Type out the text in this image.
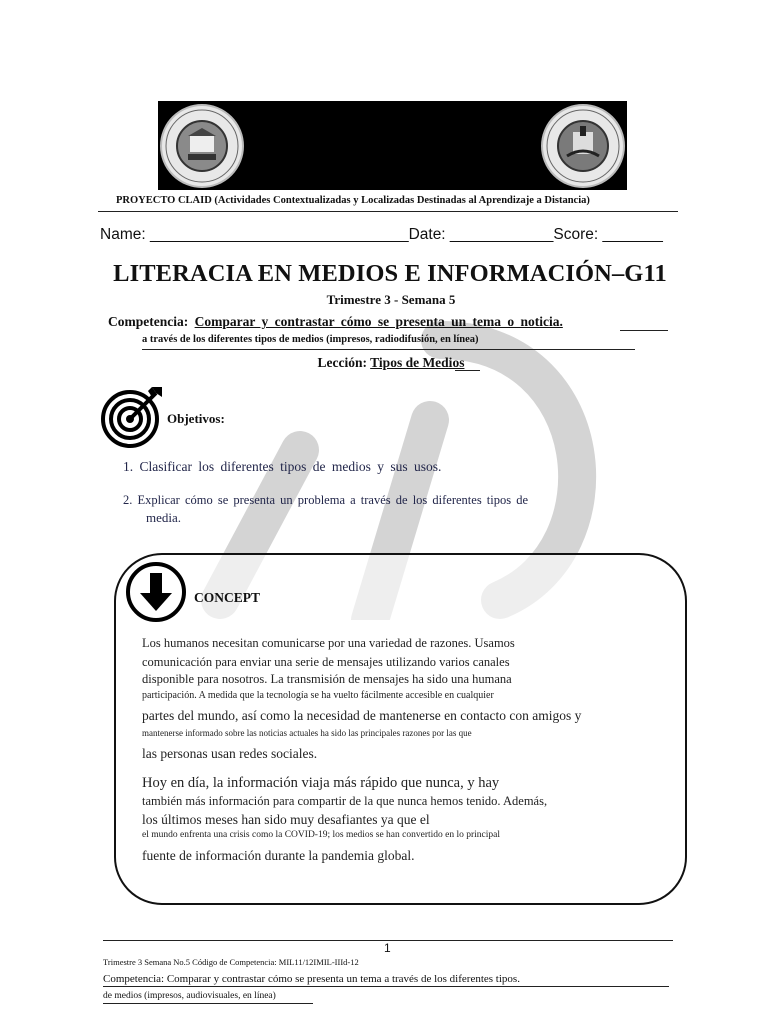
PROYECTO CLAID (Actividades Contextualizadas y Localizadas Destinadas al Aprendizaje a Distancia)
Name: ______________________________Date: ____________Score: _______
LITERACIA EN MEDIOS E INFORMACIÓN–G11
Trimestre 3 - Semana 5
Competencia: Comparar y contrastar cómo se presenta un tema o noticia.
a través de los diferentes tipos de medios (impresos, radiodifusión, en línea)
Lección: Tipos de Medios
Objetivos:
1. Clasificar los diferentes tipos de medios y sus usos.
2. Explicar cómo se presenta un problema a través de los diferentes tipos de
media.
CONCEPT
Los humanos necesitan comunicarse por una variedad de razones. Usamos
comunicación para enviar una serie de mensajes utilizando varios canales
disponible para nosotros. La transmisión de mensajes ha sido una humana
participación. A medida que la tecnología se ha vuelto fácilmente accesible en cualquier
partes del mundo, así como la necesidad de mantenerse en contacto con amigos y
mantenerse informado sobre las noticias actuales ha sido las principales razones por las que
las personas usan redes sociales.
Hoy en día, la información viaja más rápido que nunca, y hay
también más información para compartir de la que nunca hemos tenido. Además,
los últimos meses han sido muy desafiantes ya que el
el mundo enfrenta una crisis como la COVID-19; los medios se han convertido en lo principal
fuente de información durante la pandemia global.
1
Trimestre 3 Semana No.5 Código de Competencia: MIL11/12IMIL-IIId-12
Competencia: Comparar y contrastar cómo se presenta un tema a través de los diferentes tipos.
de medios (impresos, audiovisuales, en línea)
